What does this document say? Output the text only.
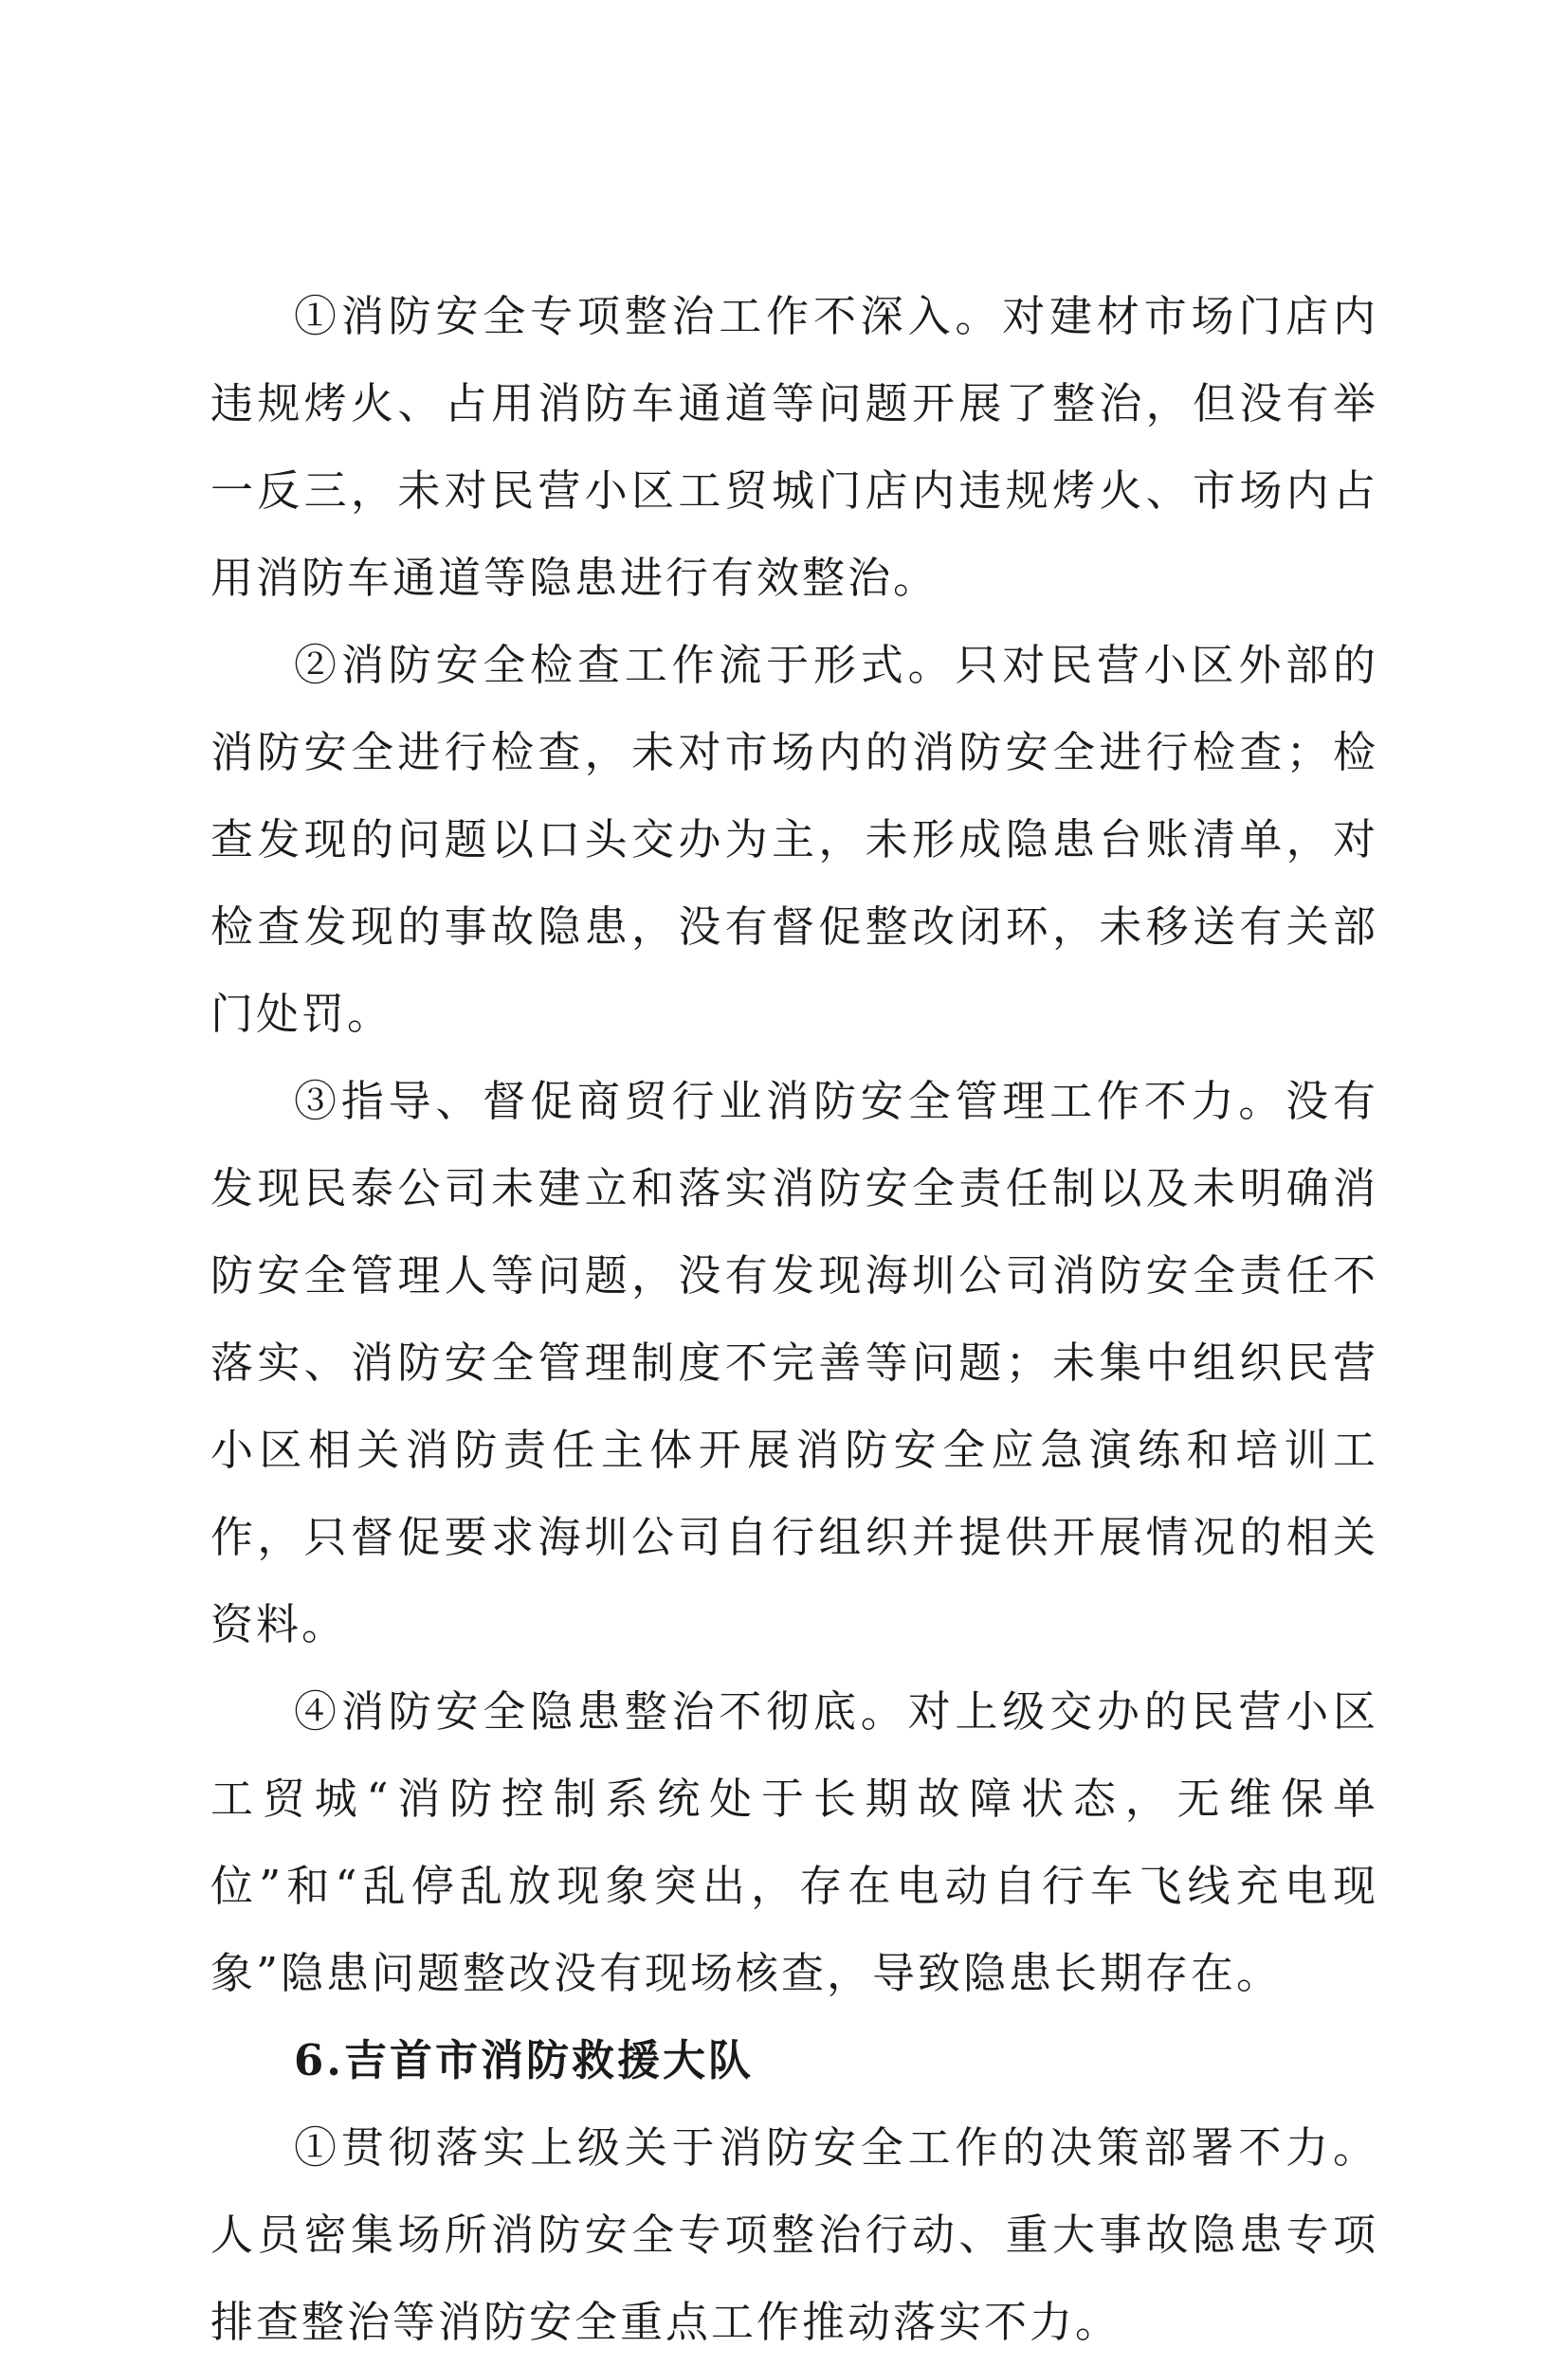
①消防安全专项整治工作不深入。对建材市场门店内违规烤火、占用消防车通道等问题开展了整治，但没有举一反三，未对民营小区工贸城门店内违规烤火、市场内占用消防车通道等隐患进行有效整治。

②消防安全检查工作流于形式。只对民营小区外部的消防安全进行检查，未对市场内的消防安全进行检查；检查发现的问题以口头交办为主，未形成隐患台账清单，对检查发现的事故隐患，没有督促整改闭环，未移送有关部门处罚。

③指导、督促商贸行业消防安全管理工作不力。没有发现民泰公司未建立和落实消防安全责任制以及未明确消防安全管理人等问题，没有发现海圳公司消防安全责任不落实、消防安全管理制度不完善等问题；未集中组织民营小区相关消防责任主体开展消防安全应急演练和培训工作，只督促要求海圳公司自行组织并提供开展情况的相关资料。

④消防安全隐患整治不彻底。对上级交办的民营小区工贸城“消防控制系统处于长期故障状态，无维保单位”和“乱停乱放现象突出，存在电动自行车飞线充电现象”隐患问题整改没有现场核查，导致隐患长期存在。

6.吉首市消防救援大队

①贯彻落实上级关于消防安全工作的决策部署不力。人员密集场所消防安全专项整治行动、重大事故隐患专项排查整治等消防安全重点工作推动落实不力。
